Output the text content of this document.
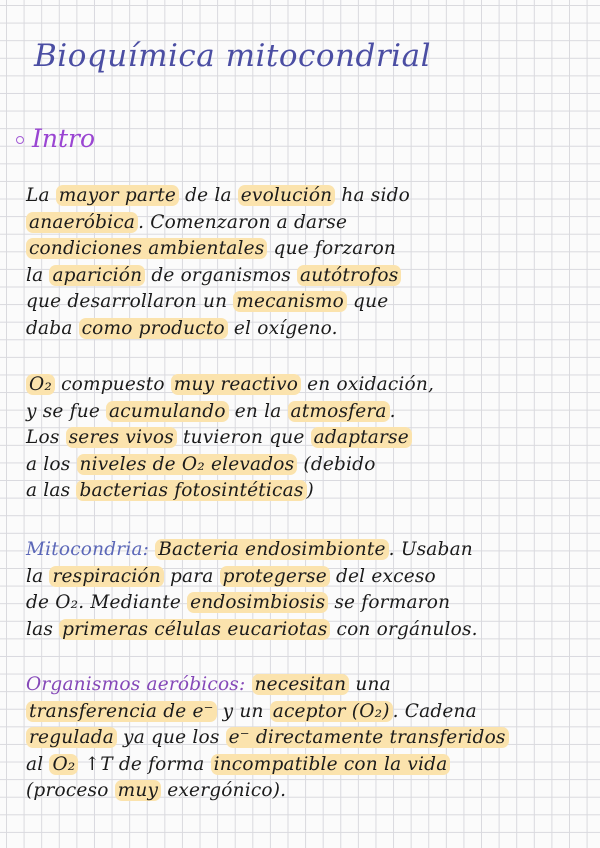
Bioquímica mitocondrial
Intro
La mayor parte de la evolución ha sido
anaeróbica . Comenzaron a darse
condiciones ambientales que forzaron
la aparición de organismos autótrofos
que desarrollaron un mecanismo que
daba como producto el oxígeno.
O₂ compuesto muy reactivo en oxidación,
y se fue acumulando en la atmosfera .
Los seres vivos tuvieron que adaptarse
a los niveles de O₂ elevados (debido
a las bacterias fotosintéticas )
Mitocondria: Bacteria endosimbionte . Usaban
la respiración para protegerse del exceso
de O₂. Mediante endosimbiosis se formaron
las primeras células eucariotas con orgánulos.
Organismos aeróbicos: necesitan una
transferencia de e⁻ y un aceptor (O₂) . Cadena
regulada ya que los e⁻ directamente transferidos
al O₂ ↑T de forma incompatible con la vida
(proceso muy exergónico).
